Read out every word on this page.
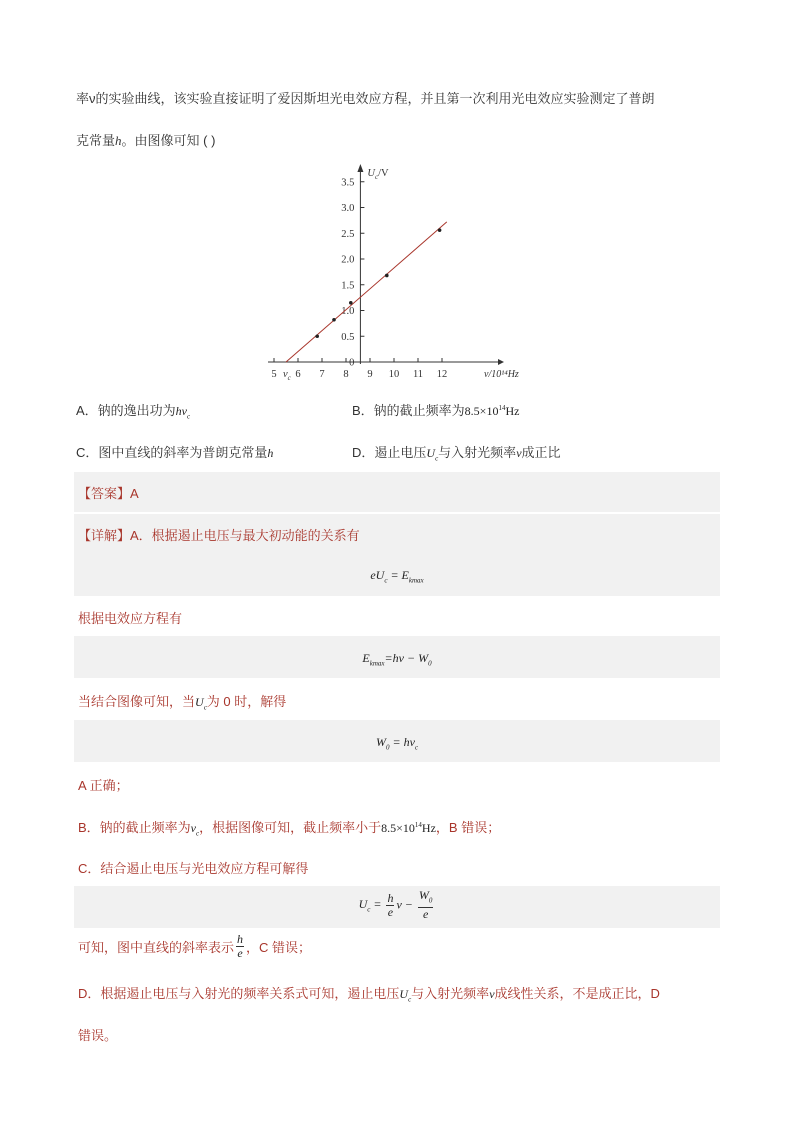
率ν的实验曲线，该实验直接证明了爱因斯坦光电效应方程，并且第一次利用光电效应实验测定了普朗
克常量h。由图像可知 ( )
5 6 7 8 9 10 11 12
0
0.5
1.0
1.5
2.0
2.5
3.0
3.5
$U_c/V$
ν/10¹⁴Hz
$\nu_c$
A．钠的逸出功为$h\nu_c$	B．钠的截止频率为$8.5\times 10^{14}Hz$
C．图中直线的斜率为普朗克常量h	D．遏止电压$U_c$与入射光频率ν成正比
【答案】A
【详解】A．根据遏止电压与最大初动能的关系有
$eU_c = E_{kmax}$
根据电效应方程有
$E_{kmax}=h\nu - W_0$
当结合图像可知，当$U_c$为 0 时，解得
$W_0 = h\nu_c$
A 正确；
B．钠的截止频率为$\nu_c$，根据图像可知，截止频率小于$8.5\times 10^{14}Hz$，B 错误；
C．结合遏止电压与光电效应方程可解得
$U_c = \frac{h}{e}$ $\nu - \frac{W_0}{e}$
可知，图中直线的斜率表示 $\frac{h}{e}$ ，C 错误；
D．根据遏止电压与入射光的频率关系式可知，遏止电压$U_c$与入射光频率ν成线性关系，不是成正比，D
错误。
